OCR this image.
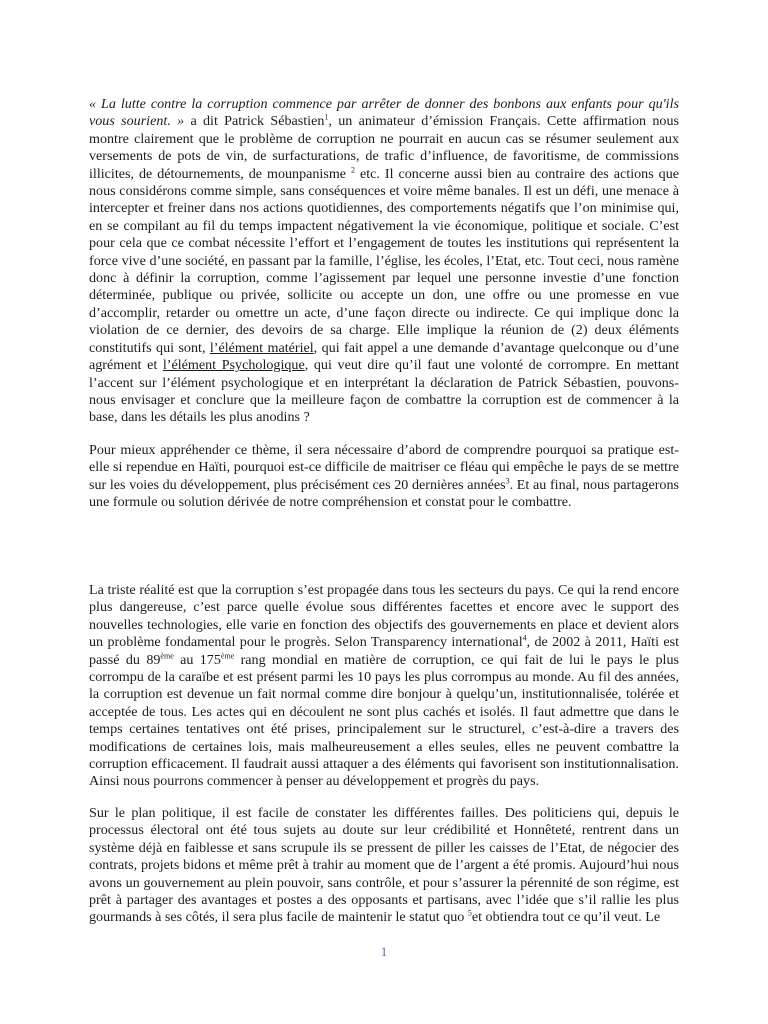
« La lutte contre la corruption commence par arrêter de donner des bonbons aux enfants pour qu'ils vous sourient. » a dit Patrick Sébastien$^1$, un animateur d’émission Français. Cette affirmation nous montre clairement que le problème de corruption ne pourrait en aucun cas se résumer seulement aux versements de pots de vin, de surfacturations, de trafic d’influence, de favoritisme, de commissions illicites, de détournements, de mounpanisme $^2$ etc. Il concerne aussi bien au contraire des actions que nous considérons comme simple, sans conséquences et voire même banales. Il est un défi, une menace à intercepter et freiner dans nos actions quotidiennes, des comportements négatifs que l’on minimise qui, en se compilant au fil du temps impactent négativement la vie économique, politique et sociale. C’est pour cela que ce combat nécessite l’effort et l’engagement de toutes les institutions qui représentent la force vive d’une société, en passant par la famille, l’église, les écoles, l’Etat, etc. Tout ceci, nous ramène donc à définir la corruption, comme l’agissement par lequel une personne investie d’une fonction déterminée, publique ou privée, sollicite ou accepte un don, une offre ou une promesse en vue d’accomplir, retarder ou omettre un acte, d’une façon directe ou indirecte. Ce qui implique donc la violation de ce dernier, des devoirs de sa charge. Elle implique la réunion de (2) deux éléments constitutifs qui sont, l’élément matériel, qui fait appel a une demande d’avantage quelconque ou d’une agrément et l’élément Psychologique, qui veut dire qu’il faut une volonté de corrompre. En mettant l’accent sur l’élément psychologique et en interprétant la déclaration de Patrick Sébastien, pouvons-nous envisager et conclure que la meilleure façon de combattre la corruption est de commencer à la base, dans les détails les plus anodins ?

Pour mieux appréhender ce thème, il sera nécessaire d’abord de comprendre pourquoi sa pratique est-elle si rependue en Haïti, pourquoi est-ce difficile de maitriser ce fléau qui empêche le pays de se mettre sur les voies du développement, plus précisément ces 20 dernières années$^3$. Et au final, nous partagerons une formule ou solution dérivée de notre compréhension et constat pour le combattre.

La triste réalité est que la corruption s’est propagée dans tous les secteurs du pays. Ce qui la rend encore plus dangereuse, c’est parce quelle évolue sous différentes facettes et encore avec le support des nouvelles technologies, elle varie en fonction des objectifs des gouvernements en place et devient alors un problème fondamental pour le progrès. Selon Transparency international$^4$, de 2002 à 2011, Haïti est passé du 89ème au 175ème rang mondial en matière de corruption, ce qui fait de lui le pays le plus corrompu de la caraïbe et est présent parmi les 10 pays les plus corrompus au monde. Au fil des années, la corruption est devenue un fait normal comme dire bonjour à quelqu’un, institutionnalisée, tolérée et acceptée de tous. Les actes qui en découlent ne sont plus cachés et isolés. Il faut admettre que dans le temps certaines tentatives ont été prises, principalement sur le structurel, c’est-à-dire a travers des modifications de certaines lois, mais malheureusement a elles seules, elles ne peuvent combattre la corruption efficacement. Il faudrait aussi attaquer a des éléments qui favorisent son institutionnalisation. Ainsi nous pourrons commencer à penser au développement et progrès du pays.

Sur le plan politique, il est facile de constater les différentes failles. Des politiciens qui, depuis le processus électoral ont été tous sujets au doute sur leur crédibilité et Honnêteté, rentrent dans un système déjà en faiblesse et sans scrupule ils se pressent de piller les caisses de l’Etat, de négocier des contrats, projets bidons et même prêt à trahir au moment que de l’argent a été promis. Aujourd’hui nous avons un gouvernement au plein pouvoir, sans contrôle, et pour s’assurer la pérennité de son régime, est prêt à partager des avantages et postes a des opposants et partisans, avec l’idée que s’il rallie les plus gourmands à ses côtés, il sera plus facile de maintenir le statut quo $^5$et obtiendra tout ce qu’il veut. Le

1
